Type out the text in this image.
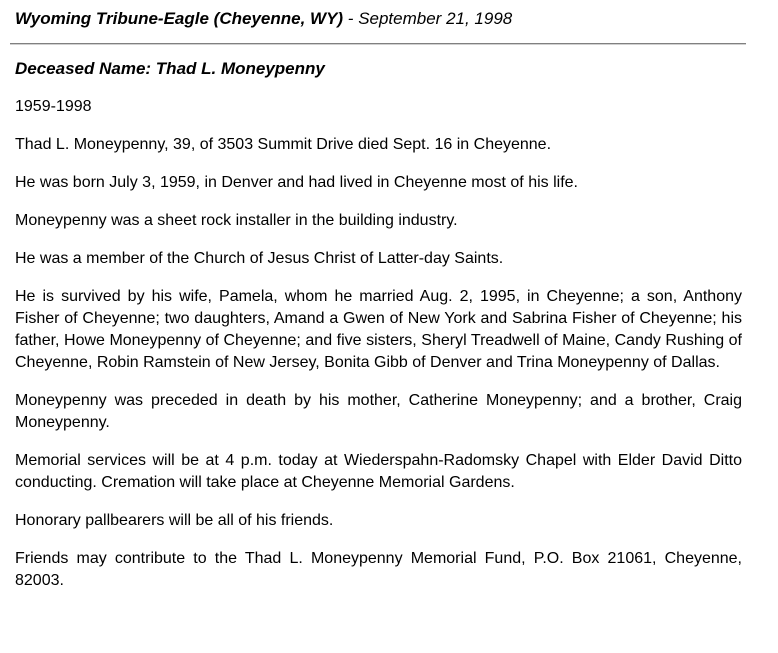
Wyoming Tribune-Eagle (Cheyenne, WY) - September 21, 1998
Deceased Name: Thad L. Moneypenny

1959-1998

Thad L. Moneypenny, 39, of 3503 Summit Drive died Sept. 16 in Cheyenne.

He was born July 3, 1959, in Denver and had lived in Cheyenne most of his life.

Moneypenny was a sheet rock installer in the building industry.

He was a member of the Church of Jesus Christ of Latter-day Saints.

He is survived by his wife, Pamela, whom he married Aug. 2, 1995, in Cheyenne; a son, Anthony Fisher of Cheyenne; two daughters, Amand a Gwen of New York and Sabrina Fisher of Cheyenne; his father, Howe Moneypenny of Cheyenne; and five sisters, Sheryl Treadwell of Maine, Candy Rushing of Cheyenne, Robin Ramstein of New Jersey, Bonita Gibb of Denver and Trina Moneypenny of Dallas.

Moneypenny was preceded in death by his mother, Catherine Moneypenny; and a brother, Craig Moneypenny.

Memorial services will be at 4 p.m. today at Wiederspahn-Radomsky Chapel with Elder David Ditto conducting. Cremation will take place at Cheyenne Memorial Gardens.

Honorary pallbearers will be all of his friends.

Friends may contribute to the Thad L. Moneypenny Memorial Fund, P.O. Box 21061, Cheyenne, 82003.
